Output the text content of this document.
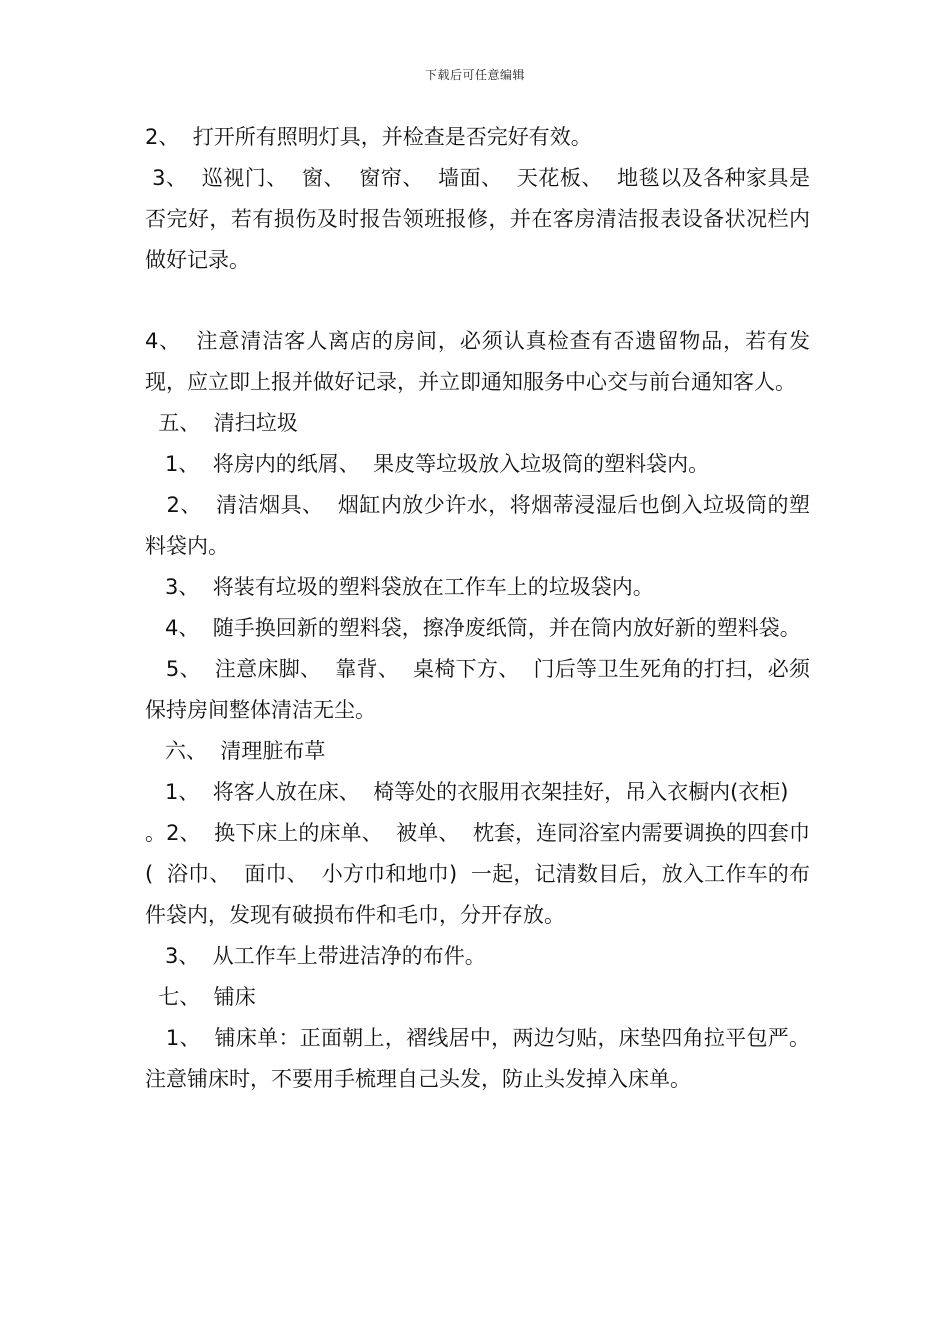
下载后可任意编辑

2、  打开所有照明灯具，并检查是否完好有效。

3、  巡视门、  窗、  窗帘、  墙面、  天花板、  地毯以及各种家具是否完好，若有损伤及时报告领班报修，并在客房清洁报表设备状况栏内做好记录。

4、  注意清洁客人离店的房间，必须认真检查有否遗留物品，若有发现，应立即上报并做好记录，并立即通知服务中心交与前台通知客人。

五、  清扫垃圾

1、  将房内的纸屑、  果皮等垃圾放入垃圾筒的塑料袋内。

2、  清洁烟具、  烟缸内放少许水，将烟蒂浸湿后也倒入垃圾筒的塑料袋内。

3、  将装有垃圾的塑料袋放在工作车上的垃圾袋内。

4、  随手换回新的塑料袋，擦净废纸筒，并在筒内放好新的塑料袋。

5、  注意床脚、  靠背、  桌椅下方、  门后等卫生死角的打扫，必须保持房间整体清洁无尘。

六、  清理脏布草

1、  将客人放在床、  椅等处的衣服用衣架挂好，吊入衣橱内(衣柜)

。2、  换下床上的床单、  被单、  枕套，连同浴室内需要调换的四套巾(  浴巾、  面巾、  小方巾和地巾)  一起，记清数目后，放入工作车的布件袋内，发现有破损布件和毛巾，分开存放。

3、  从工作车上带进洁净的布件。

七、  铺床

1、  铺床单：正面朝上，褶线居中，两边匀贴，床垫四角拉平包严。注意铺床时，不要用手梳理自己头发，防止头发掉入床单。
